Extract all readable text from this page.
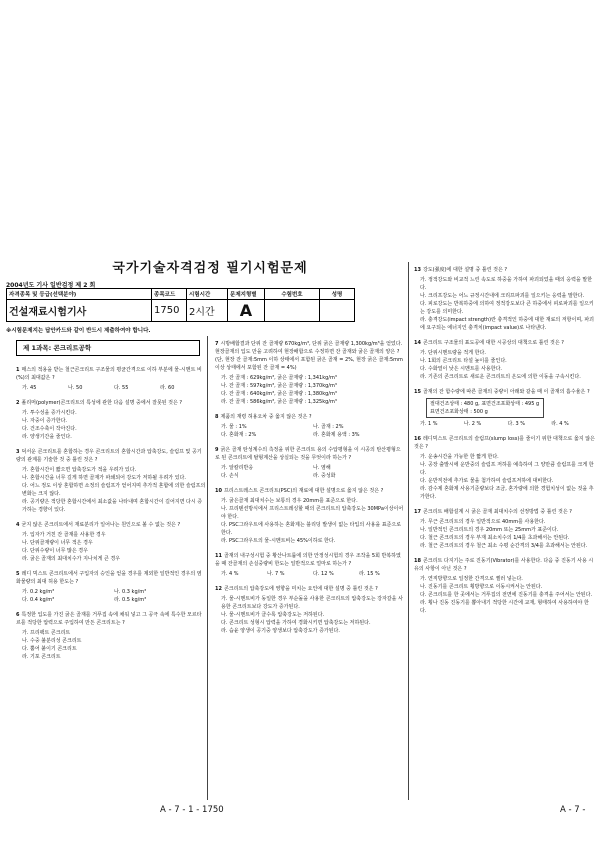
국가기술자격검정 필기시험문제
2004년도 기사 일반검정 제 2 회
자격종목 및 등급(선택분야)	종목코드	시험시간	문제지형별	수험번호	성명
건설재료시험기사	1750	2시간	A		
※시험문제지는 답안카드와 같이 반드시 제출하여야 합니다.
제 1과목: 콘크리트공학
1 매스의 적용을 받는 철근콘크리트 구조물의 평균간격으로 이하 부분에 물-시멘트 비(%)의 최대값은 ?
가. 45	나. 50	다. 55	라. 60
2 폴리머(polymer)콘크리트의 특성에 관한 다음 설명 중에서 잘못된 것은 ?
가. 투수성을 증가시킨다.
나. 자중이 증가한다.
다. 건조수축이 작아진다.
라. 양생기간을 줄인다.
3 덕서운 콘크리트를 혼합하는 경우 콘크리트의 혼합시간과 압축강도, 슬럼프 및 공기량의 관계를 기술한 것 중 틀린 것은 ?
가. 혼합시간이 짧으면 압축강도가 적을 우려가 있다.
나. 혼합시간을 너무 길게 하면 골재가 파쇄되어 강도가 저하될 우려가 있다.
다. 어느 정도 이상 혼합하면 소정의 슬럼프가 얻어지며 추가적 혼합에 의한 슬럼프의 변화는 크지 않다.
라. 공기량은 적당한 혼합시간에서 최소값을 나타내며 혼합시간이 길어지면 다시 증가하는 경향이 있다.
4 굳지 않은 콘크리트에서 재료분리가 일어나는 원인으로 볼 수 없는 것은 ?
가. 입자가 거친 잔 골재를 사용한 경우
나. 단위골재량이 너무 적은 경우
다. 단위수량이 너무 많은 경우
라. 굵은 골재의 최대치수가 지나치게 큰 경우
5 레디 믹스트 콘크리트에서 구입자의 승인을 얻을 경우를 제외한 일반적인 경우의 염화물량의 최대 허용 한도는 ?
가. 0.2 kg/m³	나. 0.3 kg/m³
다. 0.4 kg/m³	라. 0.5 kg/m³
6 특정한 입도를 가진 굵은 골재를 거푸집 속에 채워 넣고 그 공극 속에 특수한 모르타르를 적당한 압력으로 주입하여 만든 콘크리트는 ?
가. 프리팩트 콘크리트
나. 수중 불분리성 콘크리트
다. 뿜어 붙이기 콘크리트
라. 기포 콘크리트
7 시방배합결과 단위 잔 골재량 670kg/m³, 단위 굵은 골재량 1,300kg/m³을 얻었다. 현장골재의 입도 만을 고려하여 현장배합으로 수정하면 잔 골재와 굵은 골재의 양은 ? (단, 현장 잔 골재:5mm 이하 상태에서 포함된 굵은 골재 = 2%, 현장 굵은 골재:5mm 이상 상태에서 포함된 잔 골재 = 4%)
가. 잔 골재 : 629kg/m³, 굵은 골재량 : 1,341kg/m³
나. 잔 골재 : 597kg/m³, 굵은 골재량 : 1,370kg/m³
다. 잔 골재 : 640kg/m³, 굵은 골재량 : 1,380kg/m³
라. 잔 골재 : 586kg/m³, 굵은 골재량 : 1,325kg/m³
8 제품의 재령 허용오차 중 옳지 않은 것은 ?
가. 물 : 1%	나. 골재 : 2%
다. 혼화재 : 2%	라. 혼화제 용액 : 3%
9 굵은 골재 탄성계수의 측정을 위한 콘크리트 용의 수압평형을 이 시공의 탄산평형으로 된 콘크리트에 탈형계산을 상실되는 것을 무엇이라 하는가 ?
가. 알칼리반응	나. 염해
다. 손식	라. 중성화
10 프리스트레스트 콘크리트(PSC)의 재료에 대한 설명으로 옳지 않은 것은 ?
가. 굵은골재 최대치수는 보통의 경우 20mm를 표준으로 한다.
나. 프리텐션방식에서 프리스트레싱할 때의 콘크리트의 압축강도는 30MPa이상이어야 한다.
다. PSC그라우트에 사용하는 혼화제는 블리딩 발생이 없는 타입의 사용을 표준으로 한다.
라. PSC그라우트의 물-시멘트비는 45%이하로 한다.
11 골재의 내구성시험 중 황산나트륨에 의한 안정성시험의 경우 조작을 5회 반복하였을 때 잔골재의 손실중량비 한도는 일반적으로 얼마로 하는가 ?
가. 4 %	나. 7 %	다. 12 %	라. 15 %
12 콘크리트의 압축강도에 영향을 미치는 요인에 대한 설명 중 틀린 것은 ?
가. 물-시멘트비가 동일한 경우 부순돌을 사용한 콘크리트의 압축강도는 강자갈을 사용한 콘크리트보다 강도가 증가된다.
나. 물-시멘트비가 클수록 압축강도는 저하된다.
다. 콘크리트 성형시 압력을 가하여 경화시키면 압축강도는 저하된다.
라. 습윤 양생이 공기중 양생보다 압축강도가 증가된다.
13 강도(强度)에 대한 설명 중 틀린 것은 ?
가. 정적강도와 비교적 느린 속도로 하중을 가하여 파괴되었을 때의 응력을 말한다.
나. 크리프강도는 어느 규정시간내에 크리프파괴를 일으키는 응력을 말한다.
다. 피로강도는 반복하중에 의하여 정적강도보다 큰 하중에서 피로파괴를 일으키는 강도를 의미한다.
라. 충격강도(impact strength)란 충격적인 하중에 대한 재료의 저항이며, 파괴에 요구되는 에너지인 충격치(impact value)로 나타낸다.
14 콘크리트 구조물의 표도공에 대한 시공상의 대책으로 틀린 것은 ?
가. 단위시멘트량을 적게 한다.
나. 1회의 콘크리트 타설 높이를 줄인다.
다. 수화열이 낮은 시멘트를 사용한다.
라. 기존의 콘크리트로 새로운 콘크리트의 온도에 의한 이동을 구속시킨다.
15 골재의 잔 함수량에 따른 골재의 중량이 아래와 같을 때 이 골재의 흡수율은 ?
절대건조상태 : 480 g, 표면건조포화상태 : 495 g
표면건조포화상태 : 500 g
가. 1 %	나. 2 %	다. 3 %	라. 4 %
16 레디믹스트 콘크리트의 슬럼프(slump loss)를 줄이기 위한 대책으로 옳지 않은 것은 ?
가. 운송시간을 가능한 한 짧게 한다.
나. 공장 출발시에 운반중의 슬럼프 저하를 예측하여 그 양만큼 슬럼프를 크게 한다.
다. 운반직전에 추가로 물을 첨가하여 슬럼프저하에 대비한다.
라. 감수제 혼화제 사용기준량보다 조금, 혼가량에 의한 경험치성이 없는 것을 추가한다.
17 콘크리트 배합설계 시 굵은 골재 최대치수의 선정방법 중 틀린 것은 ?
가. 무근 콘크리트의 경우 일반적으로 40mm를 사용한다.
나. 일반적인 콘크리트의 경우 20mm 또는 25mm가 표준이다.
다. 철근 콘크리트의 경우 부재 최소치수의 1/4를 초과해서는 안된다.
라. 철근 콘크리트의 경우 철근 최소 수평 순간격의 3/4를 초과해서는 안된다.
18 콘크리트 다지기는 주로 진동기(Vibrator)를 사용한다. 다음 중 진동기 사용 시 유의 사항이 아닌 것은 ?
가. 연직방향으로 일정한 간격으로 찔러 넣는다.
나. 진동기를 콘크리트 횡방향으로 이동시켜서는 안된다.
다. 콘크리트를 한 곳에서는 거푸집의 전면에 진동기를 충격을 주어서는 안된다.
라. 횡나 진동 진동기를 뽑아내기 적당한 시간에 교재, 형태하여 사용하여야 한다.
A - 7 - 1 - 1750	A - 7 -
